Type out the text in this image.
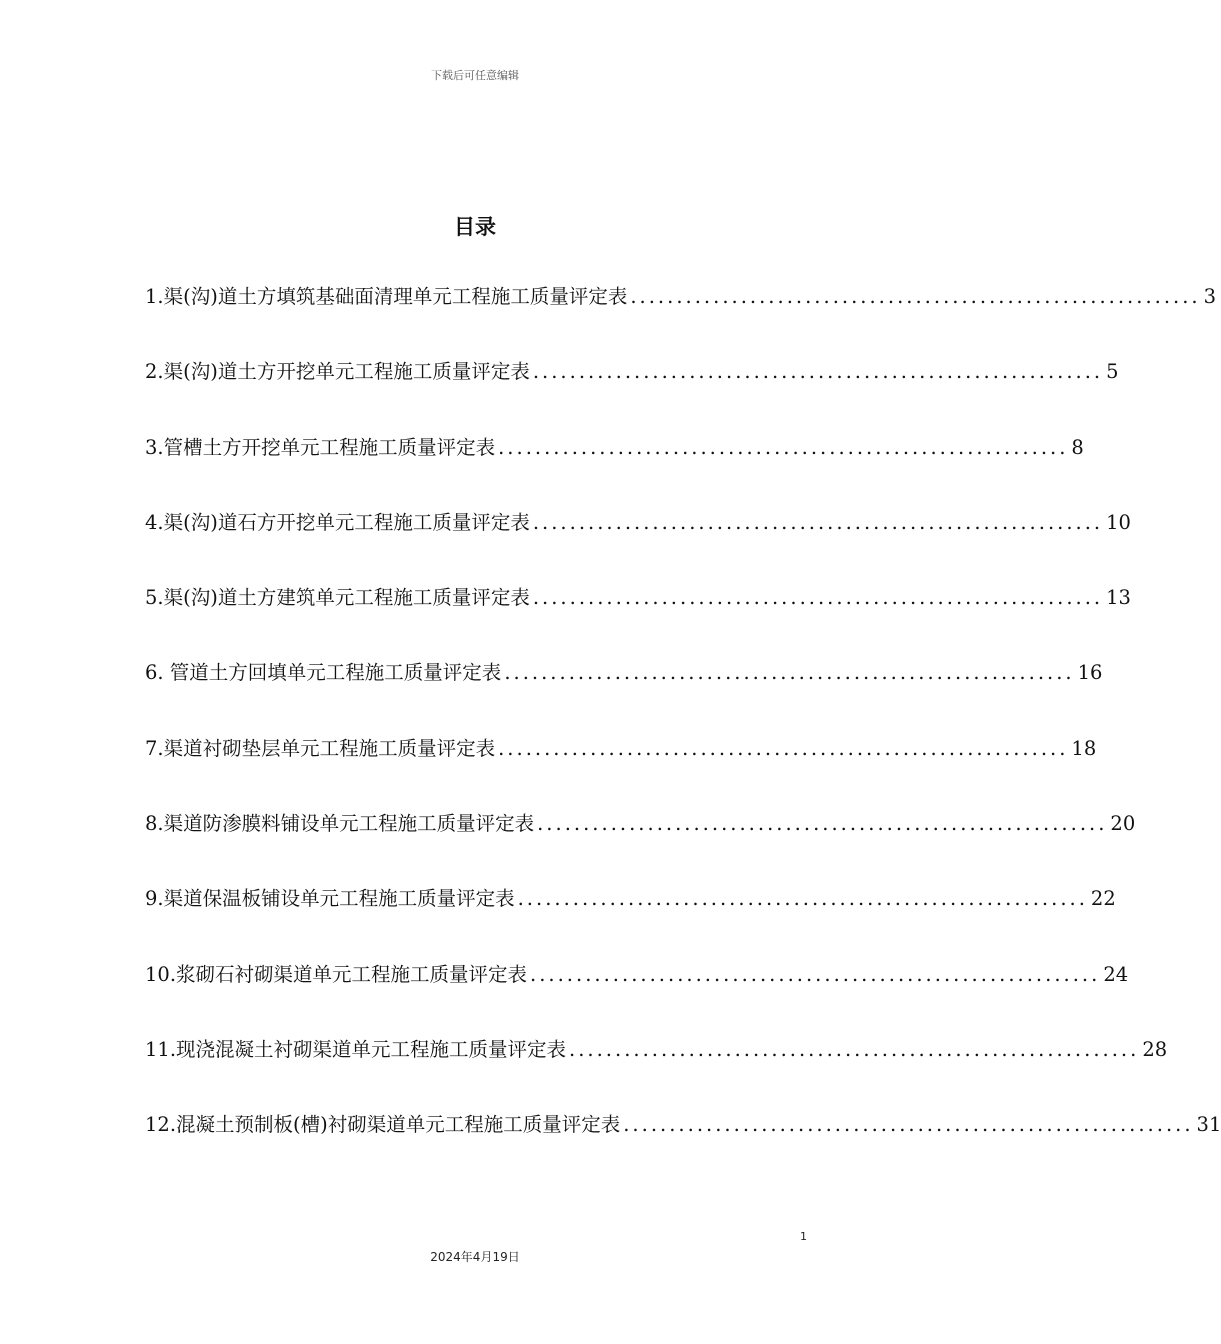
下载后可任意编辑
目录
1.渠(沟)道土方填筑基础面清理单元工程施工质量评定表 .............................................................. 3
2.渠(沟)道土方开挖单元工程施工质量评定表 .............................................................. 5
3.管槽土方开挖单元工程施工质量评定表 .............................................................. 8
4.渠(沟)道石方开挖单元工程施工质量评定表 .............................................................. 10
5.渠(沟)道土方建筑单元工程施工质量评定表 .............................................................. 13
6. 管道土方回填单元工程施工质量评定表 .............................................................. 16
7.渠道衬砌垫层单元工程施工质量评定表 .............................................................. 18
8.渠道防渗膜料铺设单元工程施工质量评定表 .............................................................. 20
9.渠道保温板铺设单元工程施工质量评定表 .............................................................. 22
10.浆砌石衬砌渠道单元工程施工质量评定表 .............................................................. 24
11.现浇混凝土衬砌渠道单元工程施工质量评定表 .............................................................. 28
12.混凝土预制板(槽)衬砌渠道单元工程施工质量评定表 .............................................................. 31
1
2024年4月19日
